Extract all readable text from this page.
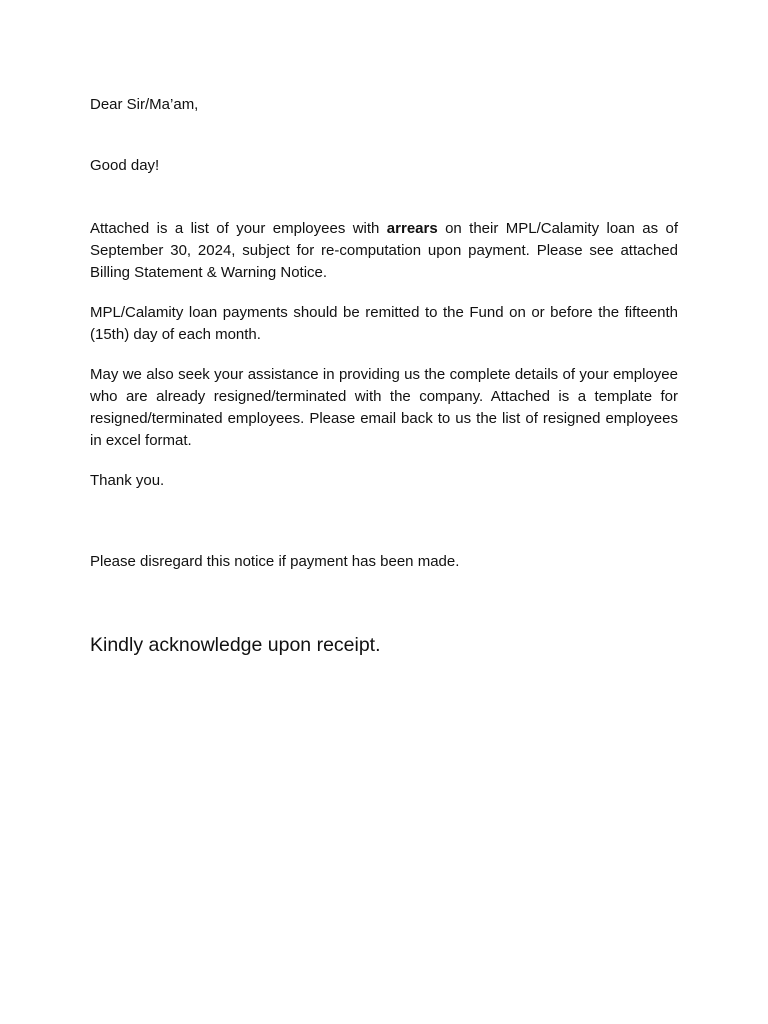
Dear Sir/Ma’am,

Good day!

Attached is a list of your employees with arrears on their MPL/Calamity loan as of September 30, 2024, subject for re-computation upon payment. Please see attached Billing Statement & Warning Notice.

MPL/Calamity loan payments should be remitted to the Fund on or before the fifteenth (15th) day of each month.

May we also seek your assistance in providing us the complete details of your employee who are already resigned/terminated with the company. Attached is a template for resigned/terminated employees. Please email back to us the list of resigned employees in excel format.

Thank you.

Please disregard this notice if payment has been made.

Kindly acknowledge upon receipt.
